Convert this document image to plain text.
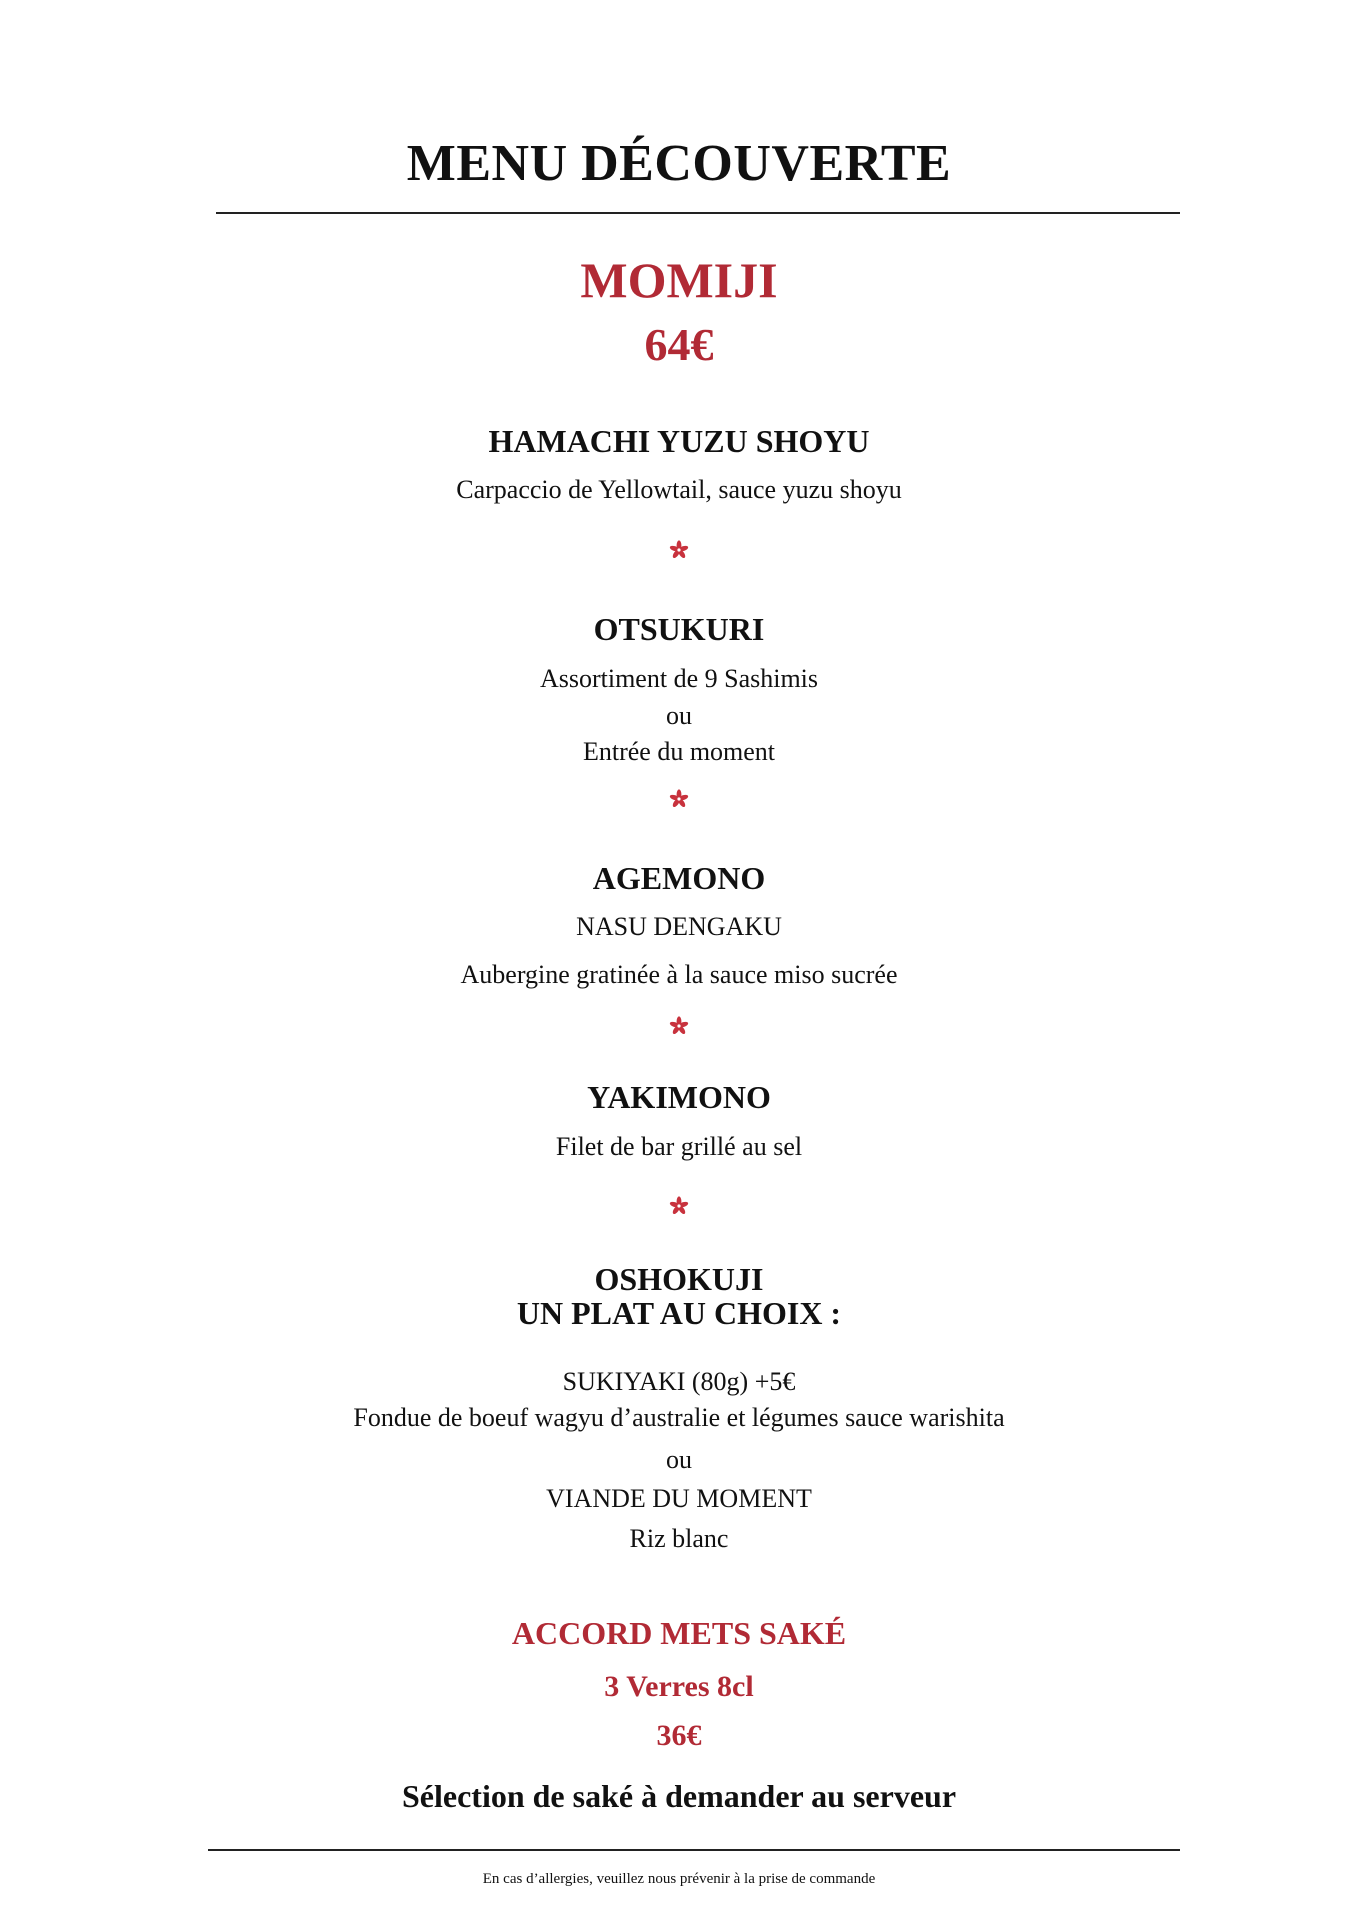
MENU DÉCOUVERTE
MOMIJI
64€
HAMACHI YUZU SHOYU
Carpaccio de Yellowtail, sauce yuzu shoyu
OTSUKURI
Assortiment de 9 Sashimis
ou
Entrée du moment
AGEMONO
NASU DENGAKU
Aubergine gratinée à la sauce miso sucrée
YAKIMONO
Filet de bar grillé au sel
OSHOKUJI
UN PLAT AU CHOIX :
SUKIYAKI (80g) +5€
Fondue de boeuf wagyu d’australie et légumes sauce warishita
ou
VIANDE DU MOMENT
Riz blanc
ACCORD METS SAKÉ
3 Verres 8cl
36€
Sélection de saké à demander au serveur
En cas d’allergies, veuillez nous prévenir à la prise de commande
